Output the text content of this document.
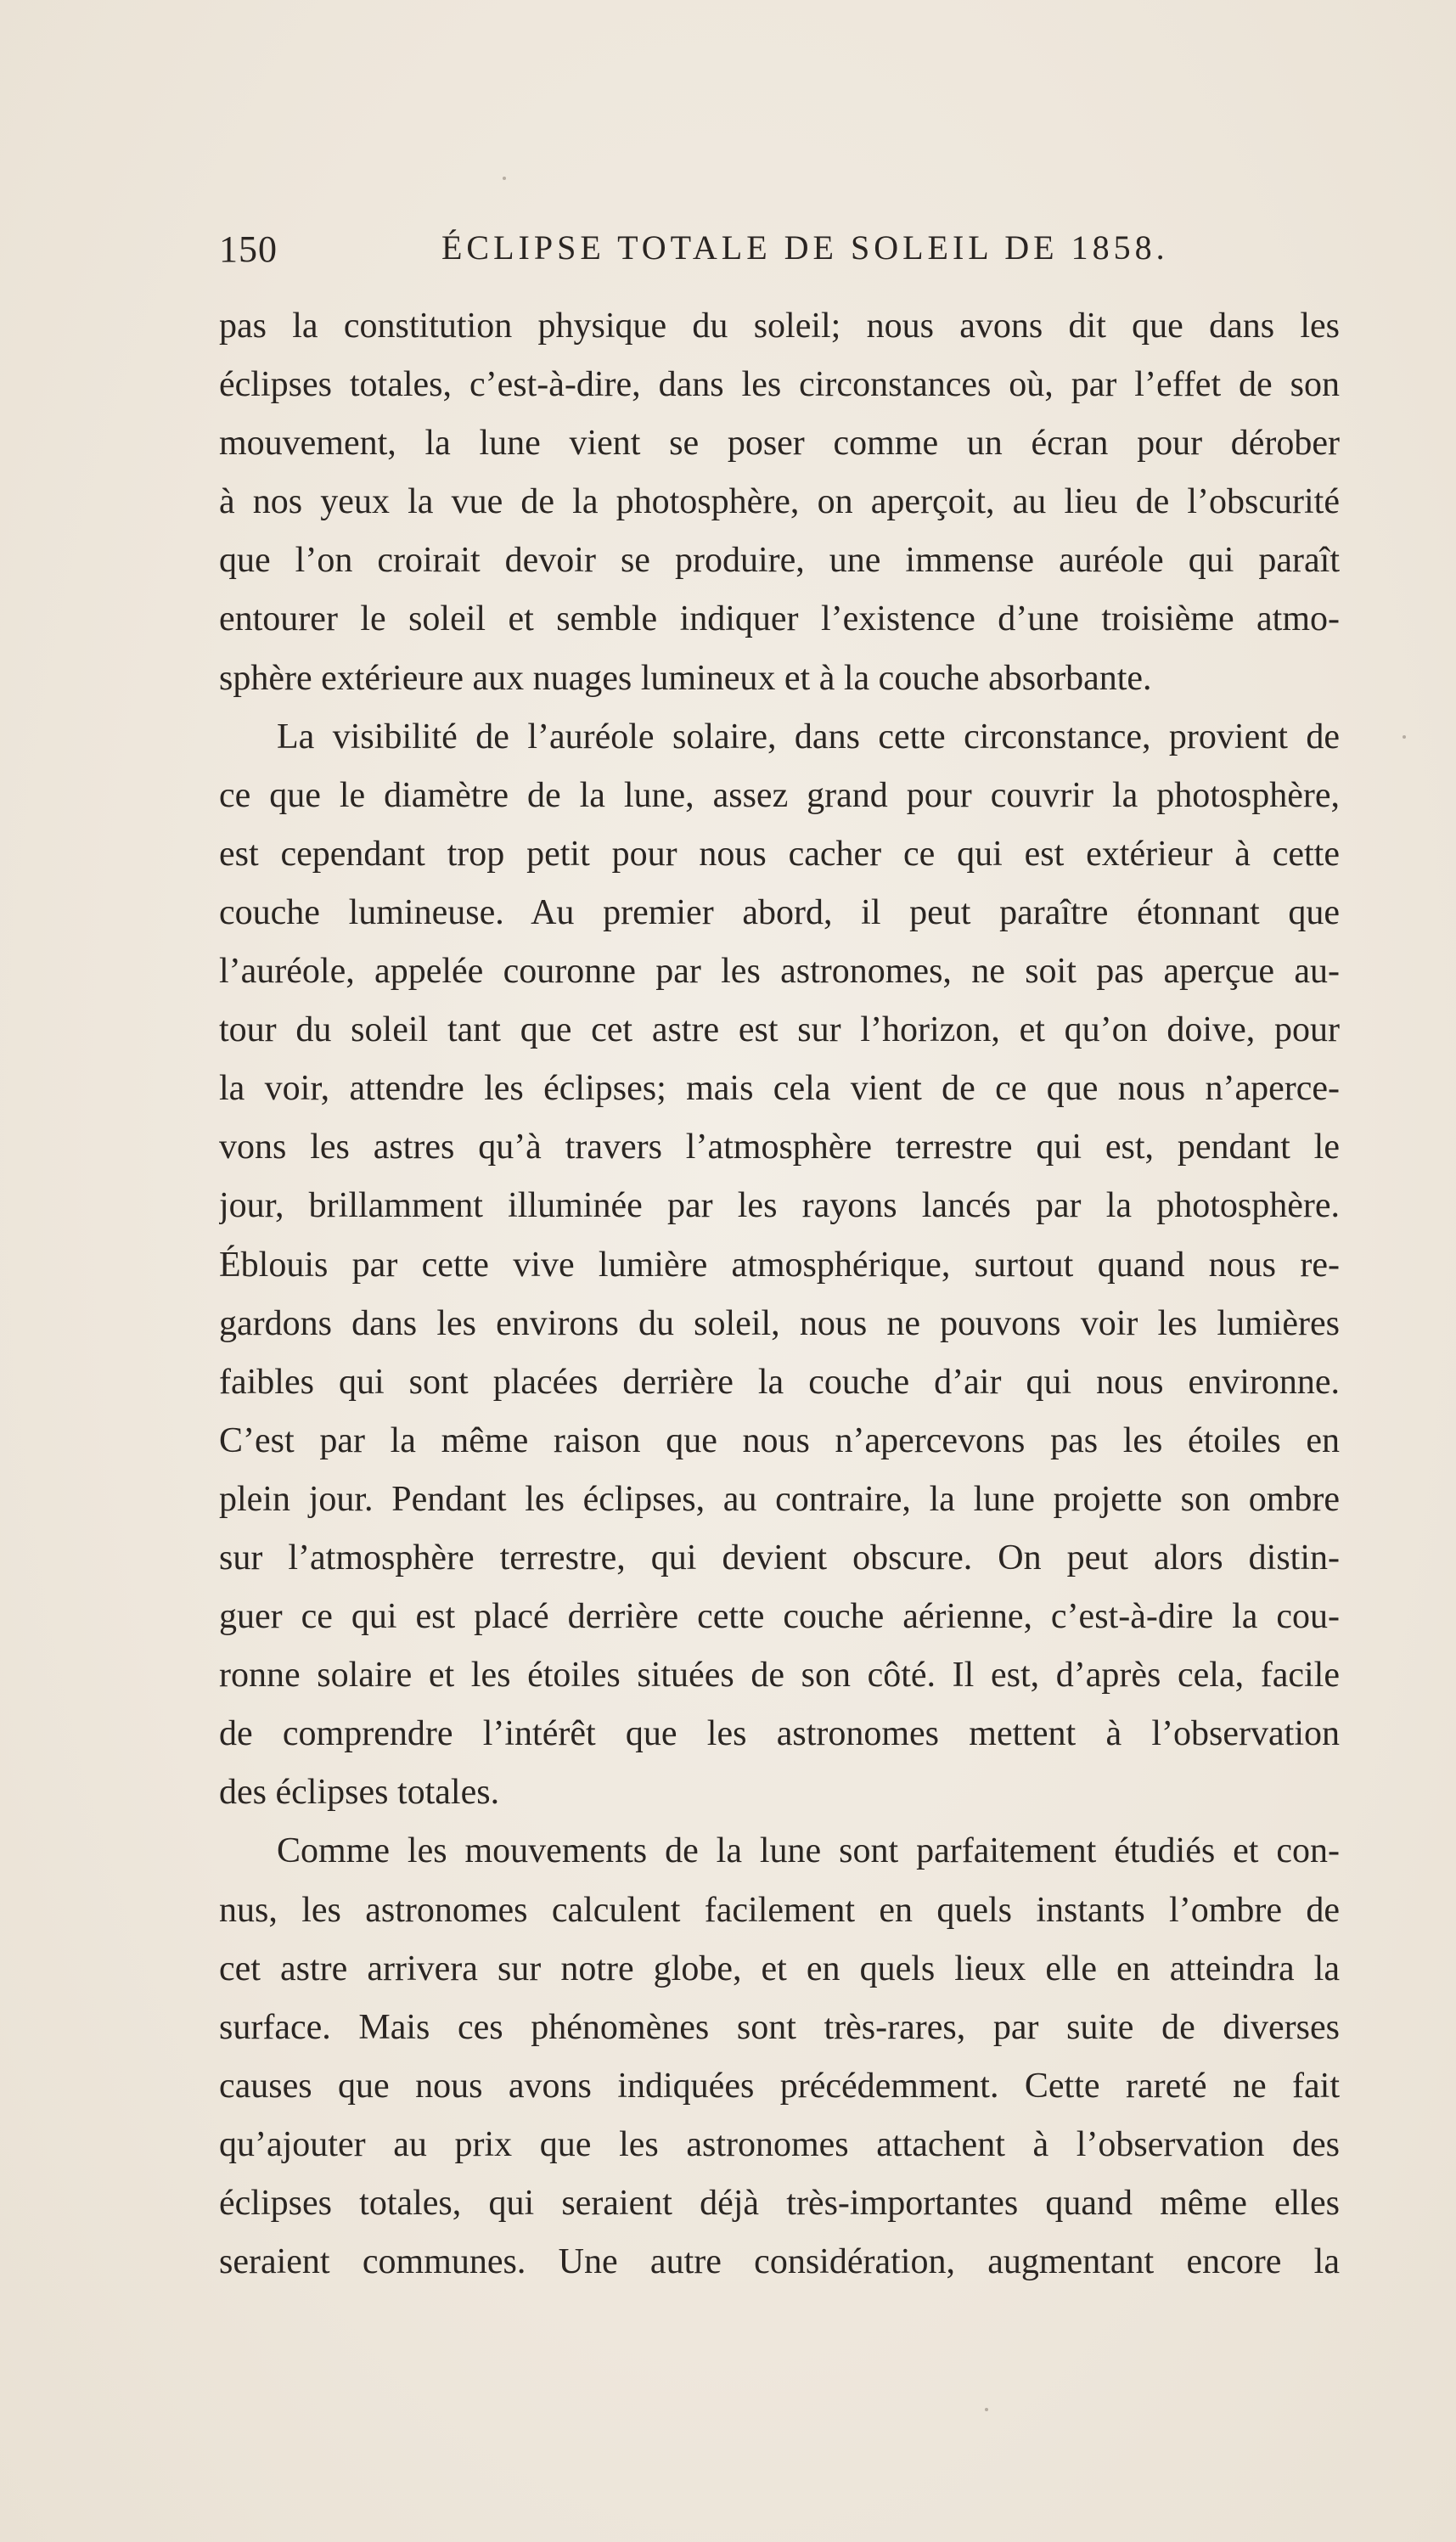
150	ÉCLIPSE TOTALE DE SOLEIL DE 1858.
pas la constitution physique du soleil; nous avons dit que dans les
éclipses totales, c’est-à-dire, dans les circonstances où, par l’effet de son
mouvement, la lune vient se poser comme un écran pour dérober
à nos yeux la vue de la photosphère, on aperçoit, au lieu de l’obscurité
que l’on croirait devoir se produire, une immense auréole qui paraît
entourer le soleil et semble indiquer l’existence d’une troisième atmo-
sphère extérieure aux nuages lumineux et à la couche absorbante.
La visibilité de l’auréole solaire, dans cette circonstance, provient de
ce que le diamètre de la lune, assez grand pour couvrir la photosphère,
est cependant trop petit pour nous cacher ce qui est extérieur à cette
couche lumineuse. Au premier abord, il peut paraître étonnant que
l’auréole, appelée couronne par les astronomes, ne soit pas aperçue au-
tour du soleil tant que cet astre est sur l’horizon, et qu’on doive, pour
la voir, attendre les éclipses; mais cela vient de ce que nous n’aperce-
vons les astres qu’à travers l’atmosphère terrestre qui est, pendant le
jour, brillamment illuminée par les rayons lancés par la photosphère.
Éblouis par cette vive lumière atmosphérique, surtout quand nous re-
gardons dans les environs du soleil, nous ne pouvons voir les lumières
faibles qui sont placées derrière la couche d’air qui nous environne.
C’est par la même raison que nous n’apercevons pas les étoiles en
plein jour. Pendant les éclipses, au contraire, la lune projette son ombre
sur l’atmosphère terrestre, qui devient obscure. On peut alors distin-
guer ce qui est placé derrière cette couche aérienne, c’est-à-dire la cou-
ronne solaire et les étoiles situées de son côté. Il est, d’après cela, facile
de comprendre l’intérêt que les astronomes mettent à l’observation
des éclipses totales.
Comme les mouvements de la lune sont parfaitement étudiés et con-
nus, les astronomes calculent facilement en quels instants l’ombre de
cet astre arrivera sur notre globe, et en quels lieux elle en atteindra la
surface. Mais ces phénomènes sont très-rares, par suite de diverses
causes que nous avons indiquées précédemment. Cette rareté ne fait
qu’ajouter au prix que les astronomes attachent à l’observation des
éclipses totales, qui seraient déjà très-importantes quand même elles
seraient communes. Une autre considération, augmentant encore la
